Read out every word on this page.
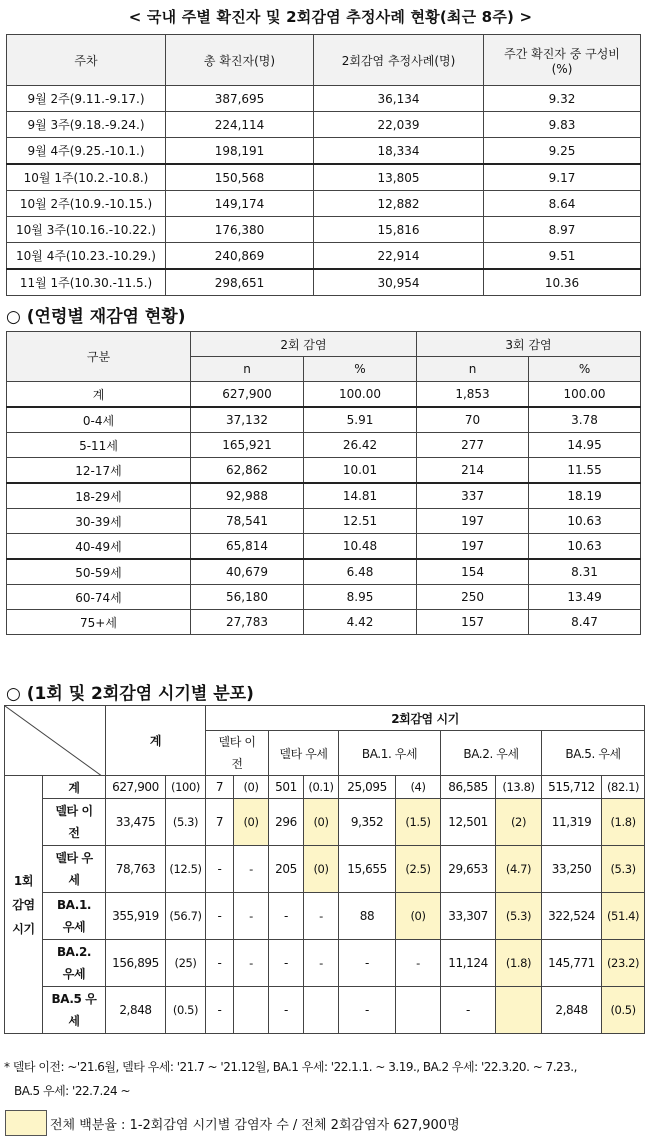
< 국내 주별 확진자 및 2회감염 추정사례 현황(최근 8주) >
주차	총 확진자(명)	2회감염 추정사례(명)	주간 확진자 중 구성비
(%)
9월 2주(9.11.-9.17.)	387,695	36,134	9.32
9월 3주(9.18.-9.24.)	224,114	22,039	9.83
9월 4주(9.25.-10.1.)	198,191	18,334	9.25
10월 1주(10.2.-10.8.)	150,568	13,805	9.17
10월 2주(10.9.-10.15.)	149,174	12,882	8.64
10월 3주(10.16.-10.22.)	176,380	15,816	8.97
10월 4주(10.23.-10.29.)	240,869	22,914	9.51
11월 1주(10.30.-11.5.)	298,651	30,954	10.36
○ (연령별 재감염 현황)
구분	2회 감염		3회 감염	
	n	%	n	%
계	627,900	100.00	1,853	100.00
0-4세	37,132	5.91	70	3.78
5-11세	165,921	26.42	277	14.95
12-17세	62,862	10.01	214	11.55
18-29세	92,988	14.81	337	18.19
30-39세	78,541	12.51	197	10.63
40-49세	65,814	10.48	197	10.63
50-59세	40,679	6.48	154	8.31
60-74세	56,180	8.95	250	13.49
75+세	27,783	4.42	157	8.47
○ (1회 및 2회감염 시기별 분포)
	계		2회감염 시기									
				델타 이
전		델타 우세		BA.1. 우세		BA.2. 우세		BA.5. 우세	

1회
감염
시기	계	627,900	(100)	7	(0)	501	(0.1)	25,095	(4)	86,585	(13.8)	515,712	(82.1)
	델타 이
전	33,475	(5.3)	7	(0)	296	(0)	9,352	(1.5)	12,501	(2)	11,319	(1.8)
	델타 우
세	78,763	(12.5)	-	-	205	(0)	15,655	(2.5)	29,653	(4.7)	33,250	(5.3)
	BA.1.
우세	355,919	(56.7)	-	-	-	-	88	(0)	33,307	(5.3)	322,524	(51.4)
	BA.2.
우세	156,895	(25)	-	-	-	-	-	-	11,124	(1.8)	145,771	(23.2)
	BA.5 우
세	2,848	(0.5)	-		-		-		-		2,848	(0.5)
* 델타 이전: ~'21.6월, 델타 우세: '21.7 ~ '21.12월, BA.1 우세: '22.1.1. ~ 3.19., BA.2 우세: '22.3.20. ~ 7.23.,
BA.5 우세: '22.7.24 ~
전체 백분율 : 1-2회감염 시기별 감염자 수 / 전체 2회감염자 627,900명
